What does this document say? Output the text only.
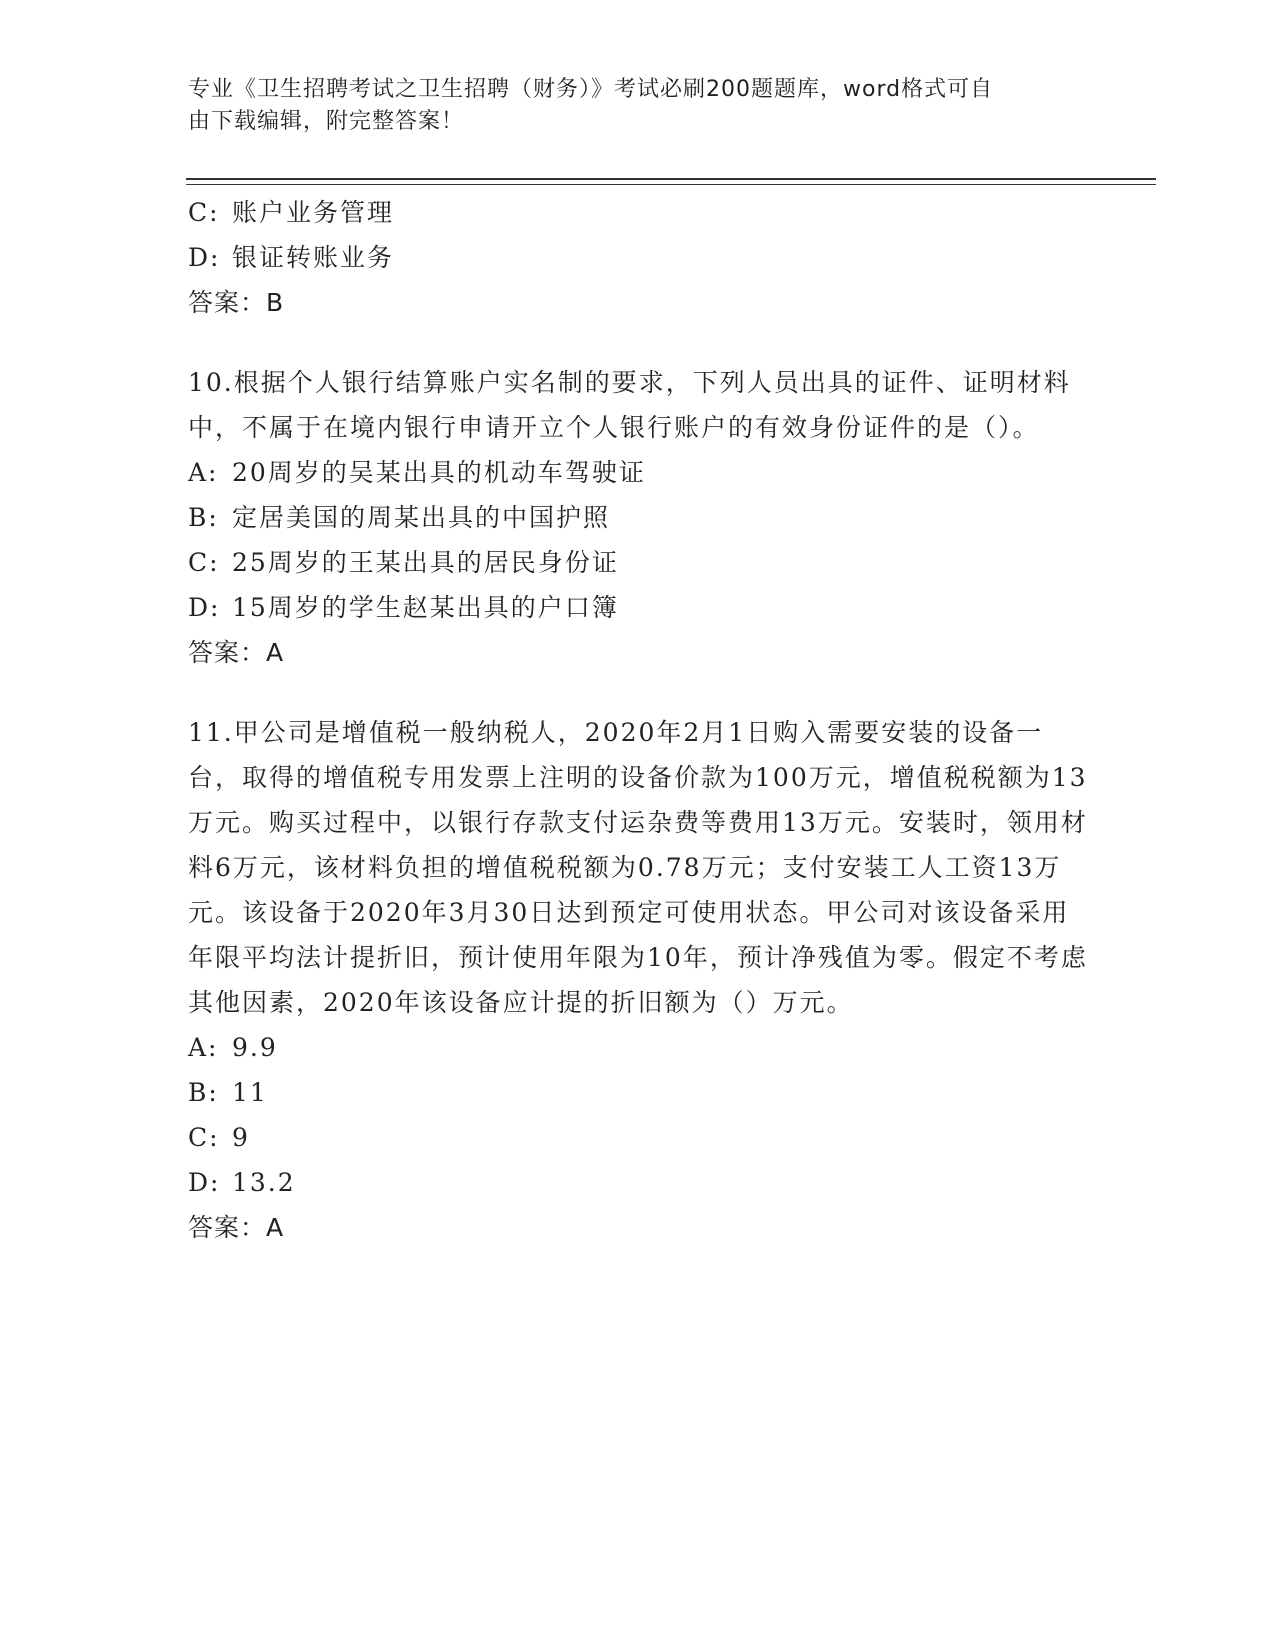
专业《卫生招聘考试之卫生招聘（财务）》考试必刷200题题库，word格式可自
由下载编辑，附完整答案！
C: 账户业务管理
D: 银证转账业务
答案：B
10.根据个人银行结算账户实名制的要求，下列人员出具的证件、证明材料中，不属于在境内银行申请开立个人银行账户的有效身份证件的是（）。
A: 20周岁的吴某出具的机动车驾驶证
B: 定居美国的周某出具的中国护照
C: 25周岁的王某出具的居民身份证
D: 15周岁的学生赵某出具的户口簿
答案：A
11.甲公司是增值税一般纳税人，2020年2月1日购入需要安装的设备一台，取得的增值税专用发票上注明的设备价款为100万元，增值税税额为13万元。购买过程中，以银行存款支付运杂费等费用13万元。安装时，领用材料6万元，该材料负担的增值税税额为0.78万元；支付安装工人工资13万元。该设备于2020年3月30日达到预定可使用状态。甲公司对该设备采用年限平均法计提折旧，预计使用年限为10年，预计净残值为零。假定不考虑其他因素，2020年该设备应计提的折旧额为（）万元。
A: 9.9
B: 11
C: 9
D: 13.2
答案：A
